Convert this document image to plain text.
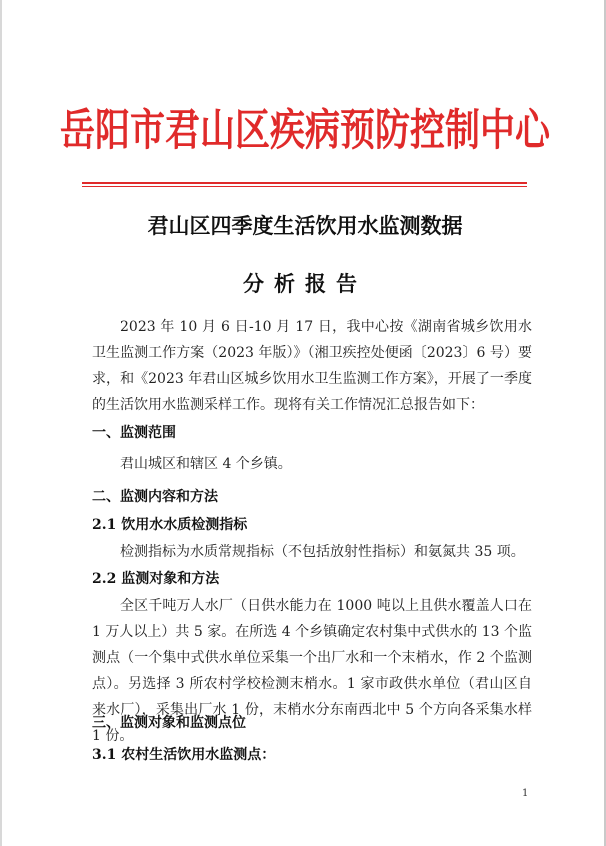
岳阳市君山区疾病预防控制中心
君山区四季度生活饮用水监测数据
分析报告
2023 年 10 月 6 日-10 月 17 日，我中心按《湖南省城乡饮用水卫生监测工作方案（2023 年版）》（湘卫疾控处便函〔2023〕6 号）要求，和《2023 年君山区城乡饮用水卫生监测工作方案》，开展了一季度的生活饮用水监测采样工作。现将有关工作情况汇总报告如下：
一、监测范围
君山城区和辖区 4 个乡镇。
二、监测内容和方法
2.1 饮用水水质检测指标
检测指标为水质常规指标（不包括放射性指标）和氨氮共 35 项。
2.2 监测对象和方法
全区千吨万人水厂（日供水能力在 1000 吨以上且供水覆盖人口在 1 万人以上）共 5 家。在所选 4 个乡镇确定农村集中式供水的 13 个监测点（一个集中式供水单位采集一个出厂水和一个末梢水，作 2 个监测点）。另选择 3 所农村学校检测末梢水。1 家市政供水单位（君山区自来水厂），采集出厂水 1 份，末梢水分东南西北中 5 个方向各采集水样 1 份。
三、监测对象和监测点位
3.1 农村生活饮用水监测点：
1
